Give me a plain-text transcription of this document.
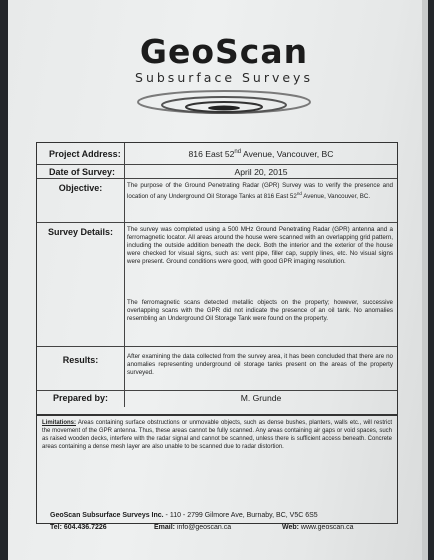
GeoScan
Subsurface Surveys
Project Address:	816 East 52nd Avenue, Vancouver, BC
Date of Survey:	April 20, 2015
Objective:	The purpose of the Ground Penetrating Radar (GPR) Survey was to verify the presence and location of any Underground Oil Storage Tanks at 816 East 52nd Avenue, Vancouver, BC.
Survey Details:	The survey was completed using a 500 MHz Ground Penetrating Radar (GPR) antenna and a ferromagnetic locator. All areas around the house were scanned with an overlapping grid pattern, including the outside addition beneath the deck. Both the interior and the exterior of the house were checked for visual signs, such as: vent pipe, filler cap, supply lines, etc. No visual signs were present. Ground conditions were good, with good GPR imaging resolution.
The ferromagnetic scans detected metallic objects on the property; however, successive overlapping scans with the GPR did not indicate the presence of an oil tank. No anomalies resembling an Underground Oil Storage Tank were found on the property.
Results:	After examining the data collected from the survey area, it has been concluded that there are no anomalies representing underground oil storage tanks present on the areas of the property surveyed.
Prepared by:	M. Grunde
Limitations: Areas containing surface obstructions or unmovable objects, such as dense bushes, planters, walls etc., will restrict the movement of the GPR antenna. Thus, these areas cannot be fully scanned. Any areas containing air gaps or void spaces, such as raised wooden decks, interfere with the radar signal and cannot be scanned, unless there is sufficient access beneath. Concrete areas containing a dense mesh layer are also unable to be scanned due to radar distortion.
GeoScan Subsurface Surveys Inc. - 110 - 2799 Gilmore Ave, Burnaby, BC, V5C 6S5
Tel: 604.436.7226	Email: info@geoscan.ca	Web: www.geoscan.ca
